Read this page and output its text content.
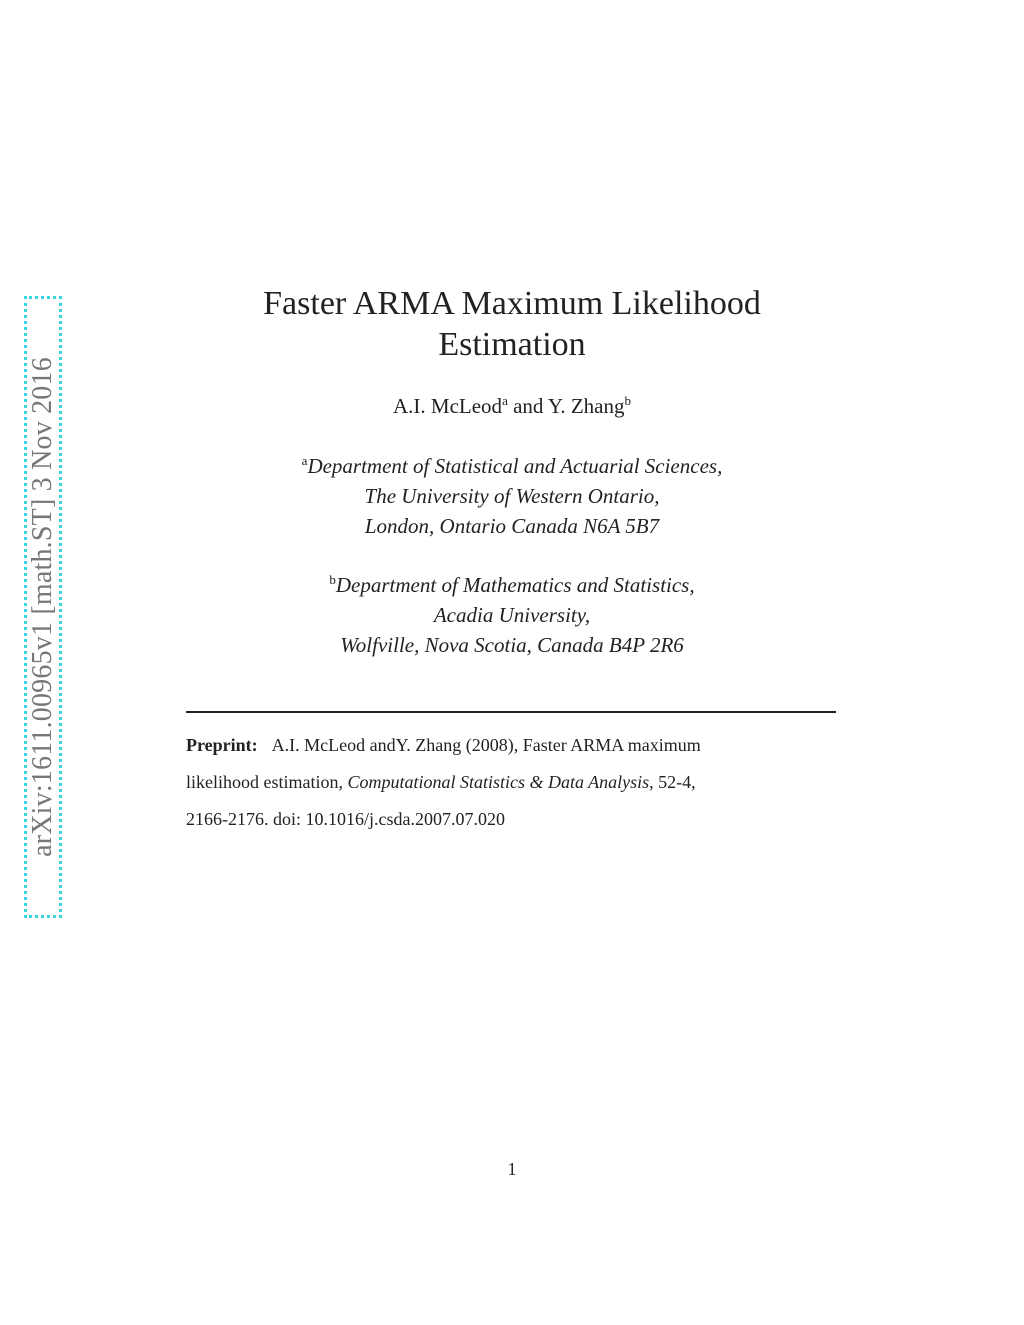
arXiv:1611.00965v1 [math.ST] 3 Nov 2016
Faster ARMA Maximum Likelihood
Estimation
A.I. McLeod$^a$ and Y. Zhang$^b$
$^a$Department of Statistical and Actuarial Sciences,
The University of Western Ontario,
London, Ontario Canada N6A 5B7
$^b$Department of Mathematics and Statistics,
Acadia University,
Wolfville, Nova Scotia, Canada B4P 2R6
Preprint: A.I. McLeod andY. Zhang (2008), Faster ARMA maximum
likelihood estimation, Computational Statistics & Data Analysis, 52-4,
2166-2176. doi: 10.1016/j.csda.2007.07.020
1
